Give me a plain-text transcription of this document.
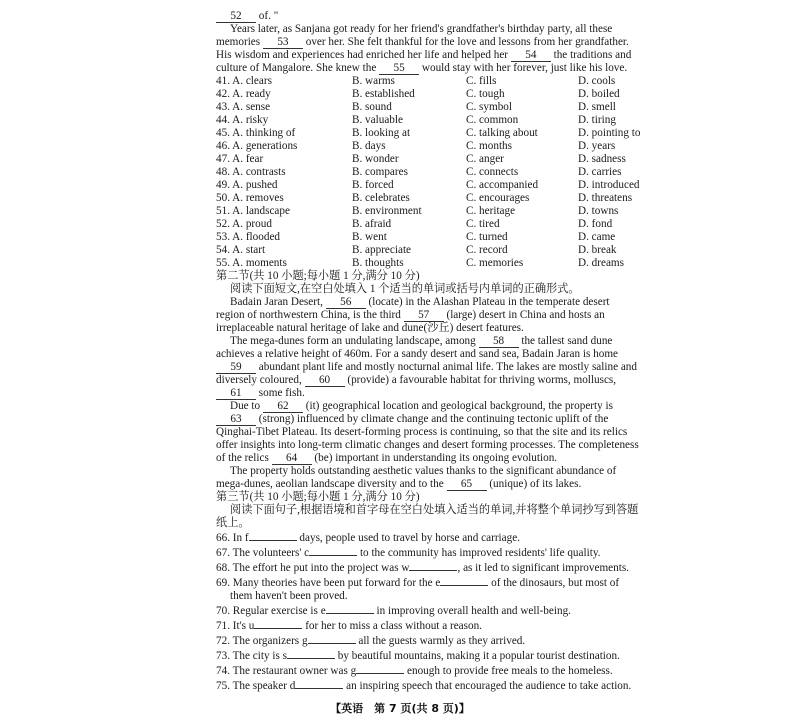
52 of. "
Years later, as Sanjana got ready for her friend's grandfather's birthday party, all these
memories 53 over her. She felt thankful for the love and lessons from her grandfather.
His wisdom and experiences had enriched her life and helped her 54 the traditions and
culture of Mangalore. She knew the 55 would stay with her forever, just like his love.
41. A. clears	B. warms	C. fills	D. cools
42. A. ready	B. established	C. tough	D. boiled
43. A. sense	B. sound	C. symbol	D. smell
44. A. risky	B. valuable	C. common	D. tiring
45. A. thinking of	B. looking at	C. talking about	D. pointing to
46. A. generations	B. days	C. months	D. years
47. A. fear	B. wonder	C. anger	D. sadness
48. A. contrasts	B. compares	C. connects	D. carries
49. A. pushed	B. forced	C. accompanied	D. introduced
50. A. removes	B. celebrates	C. encourages	D. threatens
51. A. landscape	B. environment	C. heritage	D. towns
52. A. proud	B. afraid	C. tired	D. fond
53. A. flooded	B. went	C. turned	D. came
54. A. start	B. appreciate	C. record	D. break
55. A. moments	B. thoughts	C. memories	D. dreams
第二节(共 10 小题;每小题 1 分,满分 10 分)
阅读下面短文,在空白处填入 1 个适当的单词或括号内单词的正确形式。
Badain Jaran Desert, 56 (locate) in the Alashan Plateau in the temperate desert
region of northwestern China, is the third 57 (large) desert in China and hosts an
irreplaceable natural heritage of lake and dune(沙丘) desert features.
The mega-dunes form an undulating landscape, among 58 the tallest sand dune
achieves a relative height of 460m. For a sandy desert and sand sea, Badain Jaran is home
59 abundant plant life and mostly nocturnal animal life. The lakes are mostly saline and
diversely coloured, 60 (provide) a favourable habitat for thriving worms, molluscs,
61 some fish.
Due to 62 (it) geographical location and geological background, the property is
63 (strong) influenced by climate change and the continuing tectonic uplift of the
Qinghai-Tibet Plateau. Its desert-forming process is continuing, so that the site and its relics
offer insights into long-term climatic changes and desert forming processes. The completeness
of the relics 64 (be) important in understanding its ongoing evolution.
The property holds outstanding aesthetic values thanks to the significant abundance of
mega-dunes, aeolian landscape diversity and to the 65 (unique) of its lakes.
第三节(共 10 小题;每小题 1 分,满分 10 分)
阅读下面句子,根据语境和首字母在空白处填入适当的单词,并将整个单词抄写到答题
纸上。
66. In f	days, people used to travel by horse and carriage.
67. The volunteers' c	to the community has improved residents' life quality.
68. The effort he put into the project was w	, as it led to significant improvements.
69. Many theories have been put forward for the e	of the dinosaurs, but most of
them haven't been proved.
70. Regular exercise is e	in improving overall health and well-being.
71. It's u	for her to miss a class without a reason.
72. The organizers g	all the guests warmly as they arrived.
73. The city is s	by beautiful mountains, making it a popular tourist destination.
74. The restaurant owner was g	enough to provide free meals to the homeless.
75. The speaker d	an inspiring speech that encouraged the audience to take action.
【英语　第 7 页(共 8 页)】
